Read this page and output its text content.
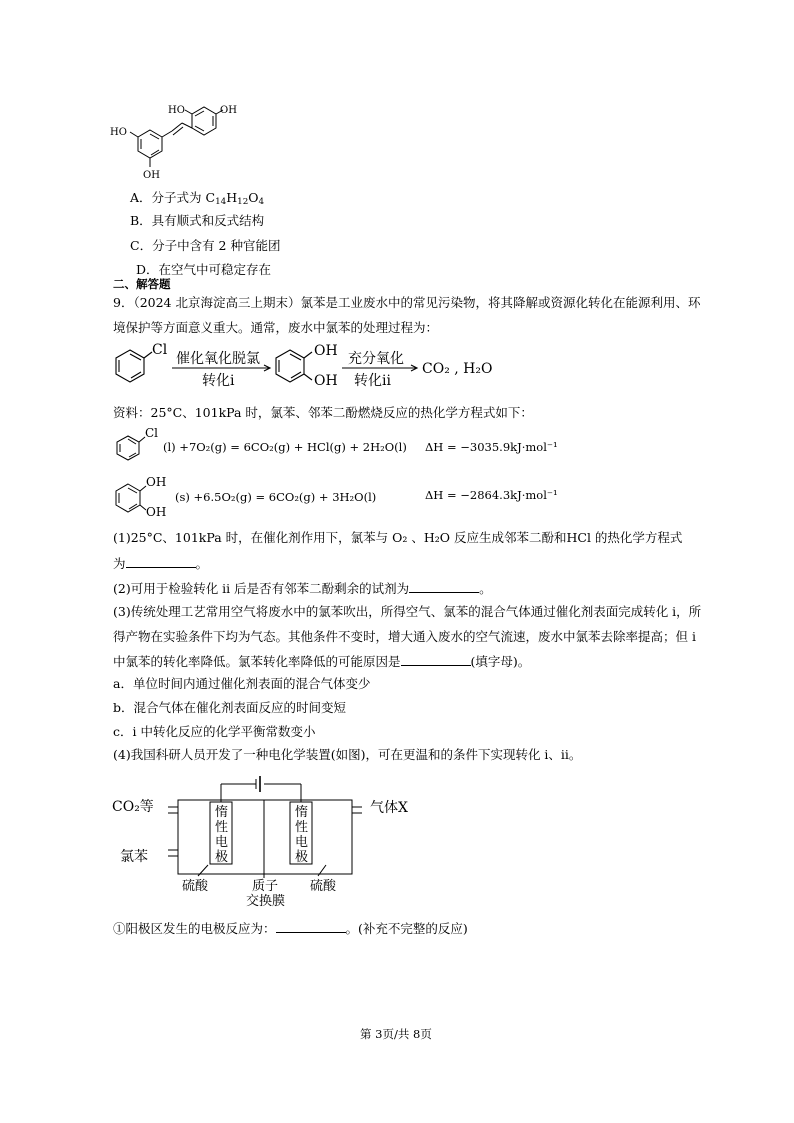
HO
OH
HO	OH
A．分子式为 $C_{14}H_{12}O_4$
B．具有顺式和反式结构
C．分子中含有 2 种官能团
D．在空气中可稳定存在
二、解答题
9．（2024 北京海淀高三上期末）氯苯是工业废水中的常见污染物，将其降解或资源化转化在能源利用、环
境保护等方面意义重大。通常，废水中氯苯的处理过程为：
Cl
催化氧化脱氯
转化i
OH
OH
充分氧化
转化ii
CO₂ , H₂O
资料：25°C、101kPa 时，氯苯、邻苯二酚燃烧反应的热化学方程式如下：
Cl
(l) +7O₂(g) = 6CO₂(g) + HCl(g) + 2H₂O(l) ΔH = −3035.9kJ·mol⁻¹
OH
OH
(s) +6.5O₂(g) = 6CO₂(g) + 3H₂O(l)	ΔH = −2864.3kJ·mol⁻¹
(1)25°C、101kPa 时，在催化剂作用下，氯苯与 O₂ 、H₂O 反应生成邻苯二酚和HCl 的热化学方程式
为	。
(2)可用于检验转化 ii 后是否有邻苯二酚剩余的试剂为	。
(3)传统处理工艺常用空气将废水中的氯苯吹出，所得空气、氯苯的混合气体通过催化剂表面完成转化 i，所
得产物在实验条件下均为气态。其他条件不变时，增大通入废水的空气流速，废水中氯苯去除率提高；但 i
中氯苯的转化率降低。氯苯转化率降低的可能原因是	(填字母)。
a．单位时间内通过催化剂表面的混合气体变少
b．混合气体在催化剂表面反应的时间变短
c．i 中转化反应的化学平衡常数变小
(4)我国科研人员开发了一种电化学装置(如图)，可在更温和的条件下实现转化 i、ii。
CO₂等
氯苯
气体X
惰
性
电
极
惰
性
电
极
硫酸	质子
交换膜
硫酸
①阳极区发生的电极反应为：	。(补充不完整的反应)
第 3页/共 8页
